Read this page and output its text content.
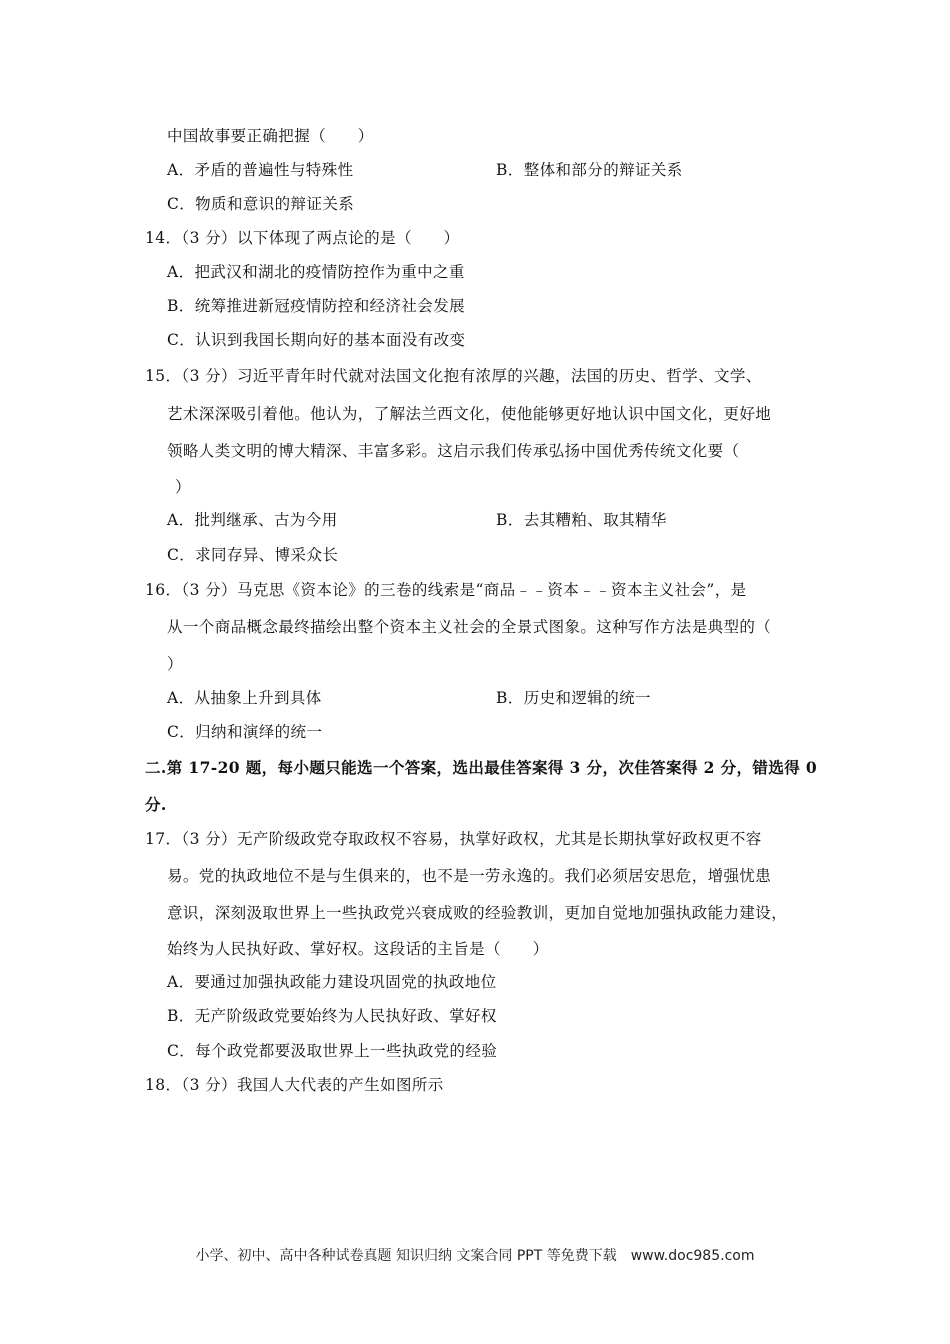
中国故事要正确把握（　　）
A．矛盾的普遍性与特殊性	B．整体和部分的辩证关系
C．物质和意识的辩证关系
14．（3 分）以下体现了两点论的是（　　）
A．把武汉和湖北的疫情防控作为重中之重
B．统筹推进新冠疫情防控和经济社会发展
C．认识到我国长期向好的基本面没有改变
15．（3 分）习近平青年时代就对法国文化抱有浓厚的兴趣，法国的历史、哲学、文学、
艺术深深吸引着他。他认为，了解法兰西文化，使他能够更好地认识中国文化，更好地
领略人类文明的博大精深、丰富多彩。这启示我们传承弘扬中国优秀传统文化要（
）
A．批判继承、古为今用	B．去其糟粕、取其精华
C．求同存异、博采众长
16．（3 分）马克思《资本论》的三卷的线索是“商品﹣﹣资本﹣﹣资本主义社会”，是
从一个商品概念最终描绘出整个资本主义社会的全景式图象。这种写作方法是典型的（
）
A．从抽象上升到具体	B．历史和逻辑的统一
C．归纳和演绎的统一
二.第 17-20 题，每小题只能选一个答案，选出最佳答案得 3 分，次佳答案得 2 分，错选得 0
分.
17．（3 分）无产阶级政党夺取政权不容易，执掌好政权，尤其是长期执掌好政权更不容
易。党的执政地位不是与生俱来的，也不是一劳永逸的。我们必须居安思危，增强忧患
意识，深刻汲取世界上一些执政党兴衰成败的经验教训，更加自觉地加强执政能力建设，
始终为人民执好政、掌好权。这段话的主旨是（　　）
A．要通过加强执政能力建设巩固党的执政地位
B．无产阶级政党要始终为人民执好政、掌好权
C．每个政党都要汲取世界上一些执政党的经验
18．（3 分）我国人大代表的产生如图所示
小学、初中、高中各种试卷真题 知识归纳 文案合同 PPT 等免费下载　www.doc985.com
